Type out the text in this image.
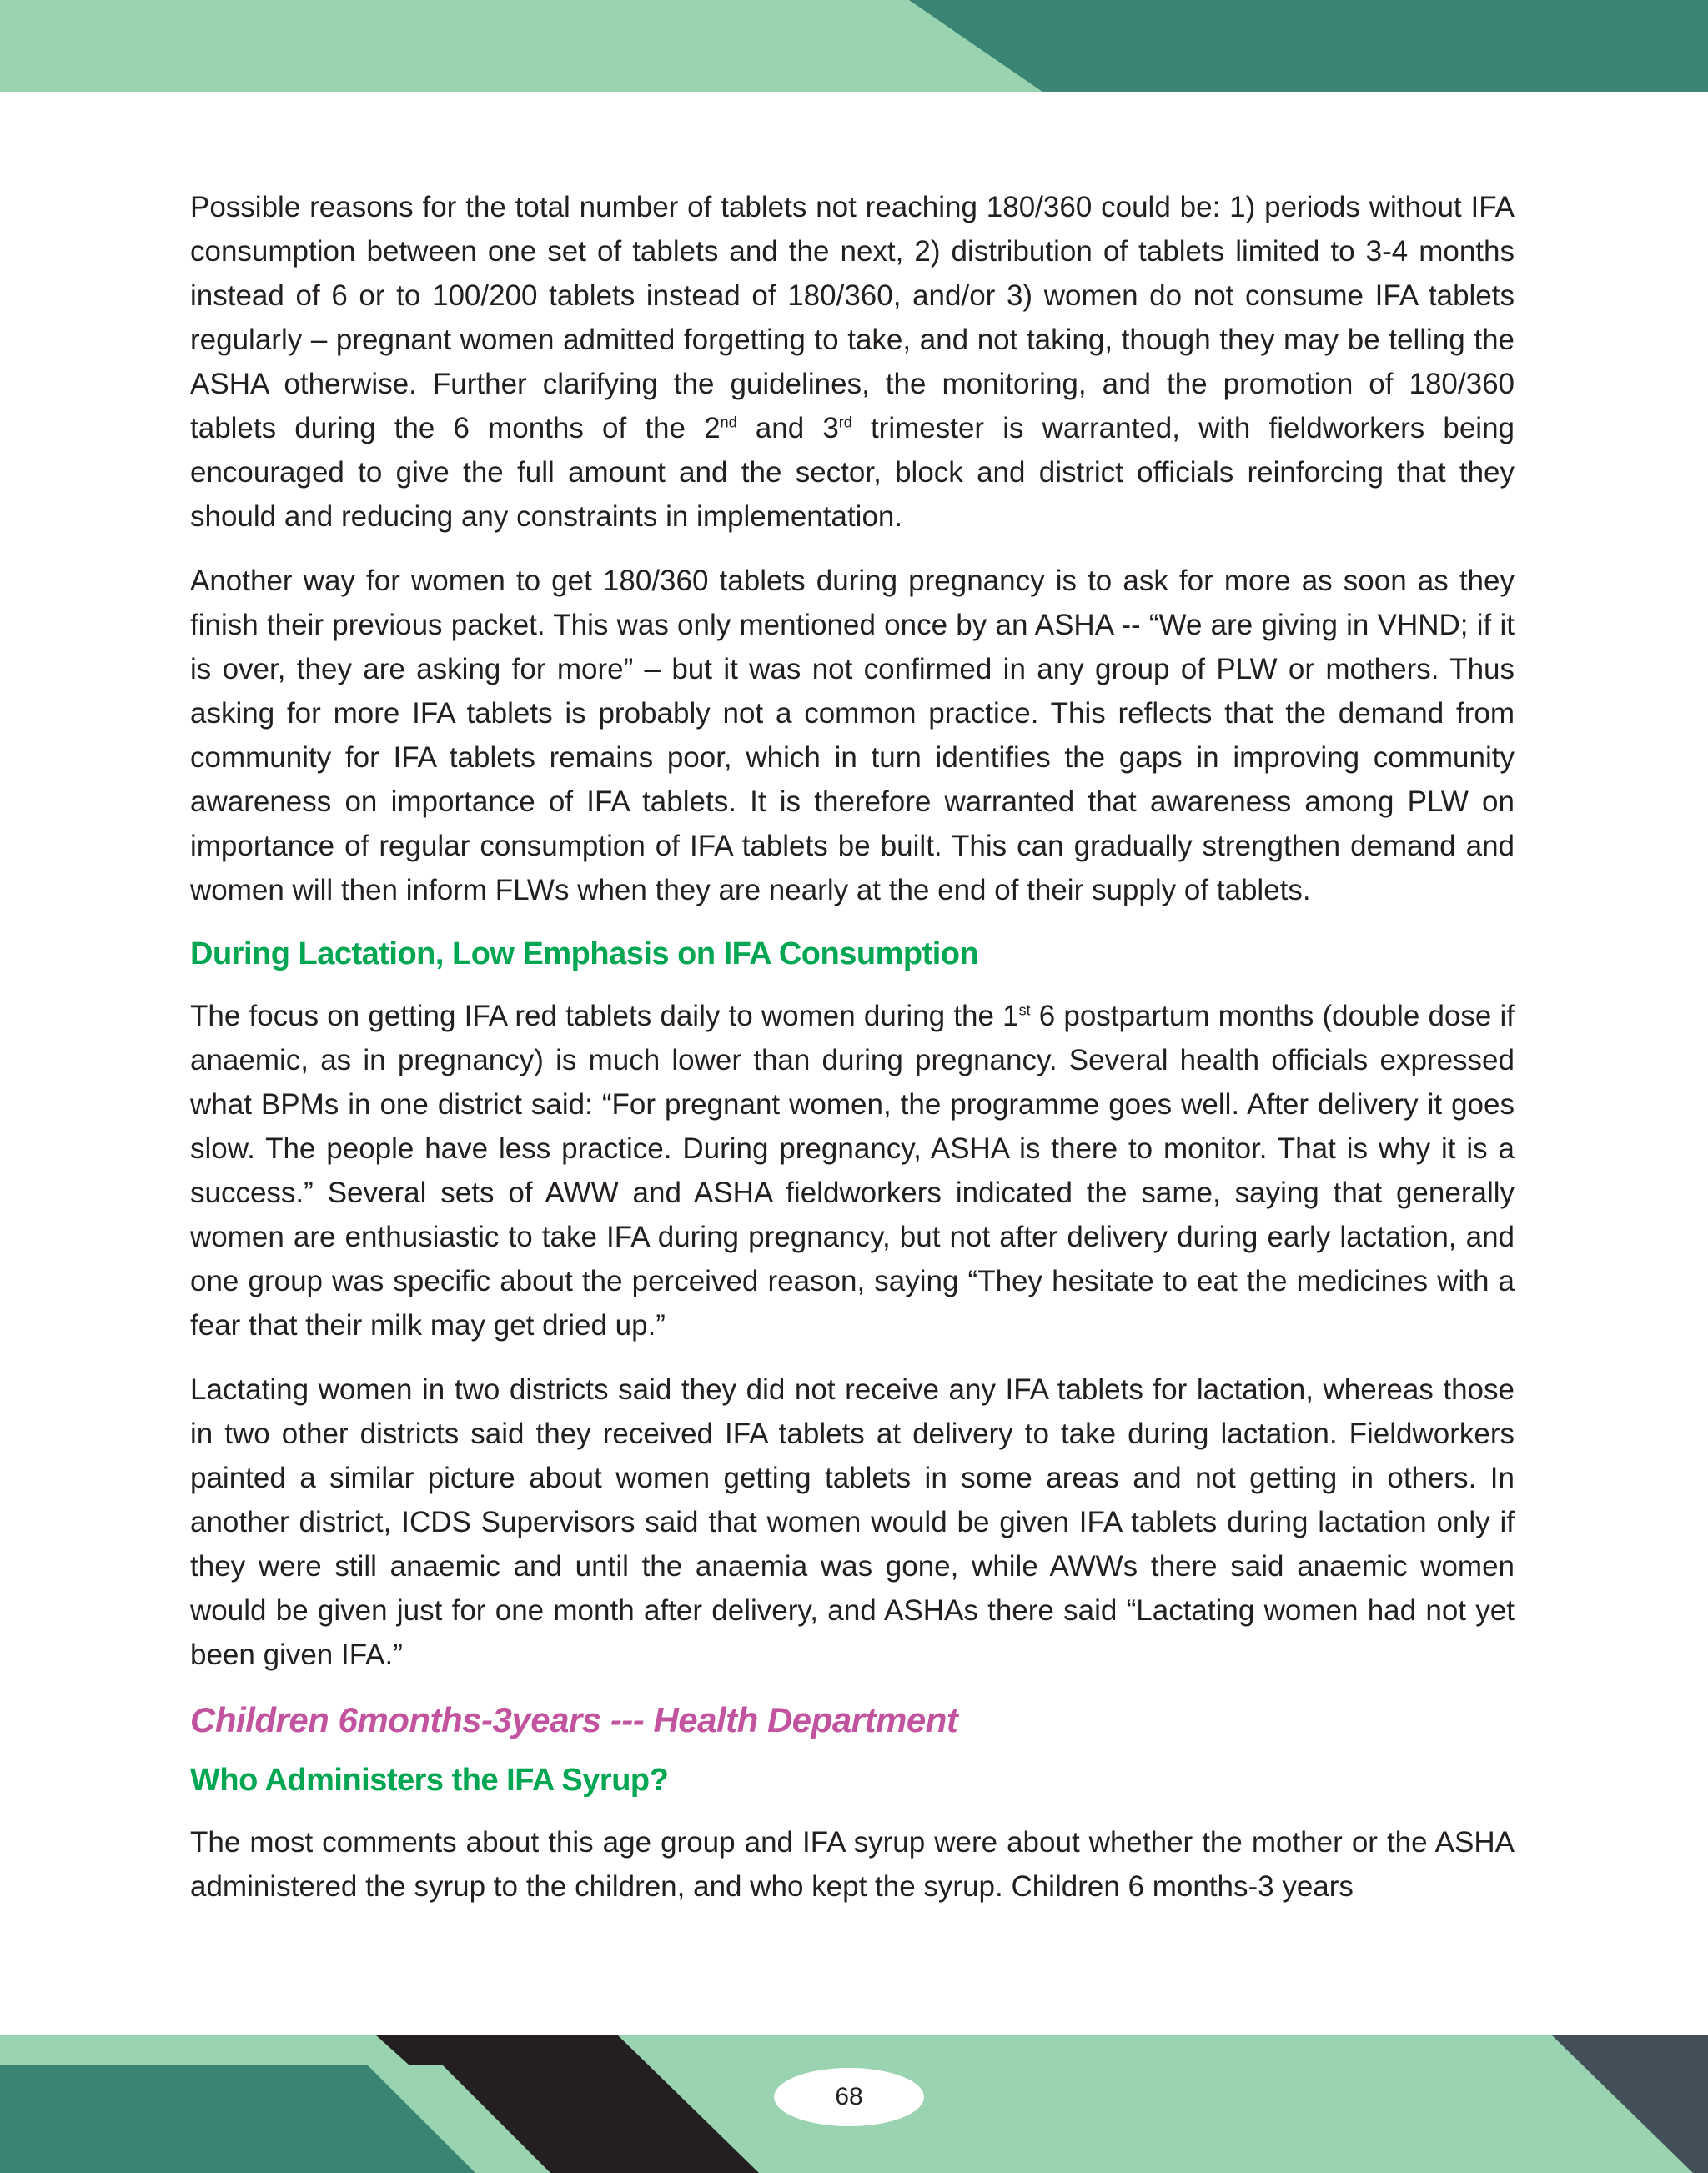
Possible reasons for the total number of tablets not reaching 180/360 could be: 1) periods without IFA consumption between one set of tablets and the next, 2) distribution of tablets limited to 3-4 months instead of 6 or to 100/200 tablets instead of 180/360, and/or 3) women do not consume IFA tablets regularly – pregnant women admitted forgetting to take, and not taking, though they may be telling the ASHA otherwise. Further clarifying the guidelines, the monitoring, and the promotion of 180/360 tablets during the 6 months of the 2nd and 3rd trimester is warranted, with fieldworkers being encouraged to give the full amount and the sector, block and district officials reinforcing that they should and reducing any constraints in implementation.

Another way for women to get 180/360 tablets during pregnancy is to ask for more as soon as they finish their previous packet. This was only mentioned once by an ASHA -- “We are giving in VHND; if it is over, they are asking for more” – but it was not confirmed in any group of PLW or mothers. Thus asking for more IFA tablets is probably not a common practice. This reflects that the demand from community for IFA tablets remains poor, which in turn identifies the gaps in improving community awareness on importance of IFA tablets. It is therefore warranted that awareness among PLW on importance of regular consumption of IFA tablets be built. This can gradually strengthen demand and women will then inform FLWs when they are nearly at the end of their supply of tablets.

During Lactation, Low Emphasis on IFA Consumption

The focus on getting IFA red tablets daily to women during the 1st 6 postpartum months (double dose if anaemic, as in pregnancy) is much lower than during pregnancy. Several health officials expressed what BPMs in one district said: “For pregnant women, the programme goes well. After delivery it goes slow. The people have less practice. During pregnancy, ASHA is there to monitor. That is why it is a success.” Several sets of AWW and ASHA fieldworkers indicated the same, saying that generally women are enthusiastic to take IFA during pregnancy, but not after delivery during early lactation, and one group was specific about the perceived reason, saying “They hesitate to eat the medicines with a fear that their milk may get dried up.”

Lactating women in two districts said they did not receive any IFA tablets for lactation, whereas those in two other districts said they received IFA tablets at delivery to take during lactation. Fieldworkers painted a similar picture about women getting tablets in some areas and not getting in others. In another district, ICDS Supervisors said that women would be given IFA tablets during lactation only if they were still anaemic and until the anaemia was gone, while AWWs there said anaemic women would be given just for one month after delivery, and ASHAs there said “Lactating women had not yet been given IFA.”

Children 6months-3years --- Health Department
Who Administers the IFA Syrup?

The most comments about this age group and IFA syrup were about whether the mother or the ASHA administered the syrup to the children, and who kept the syrup. Children 6 months-3 years

68
